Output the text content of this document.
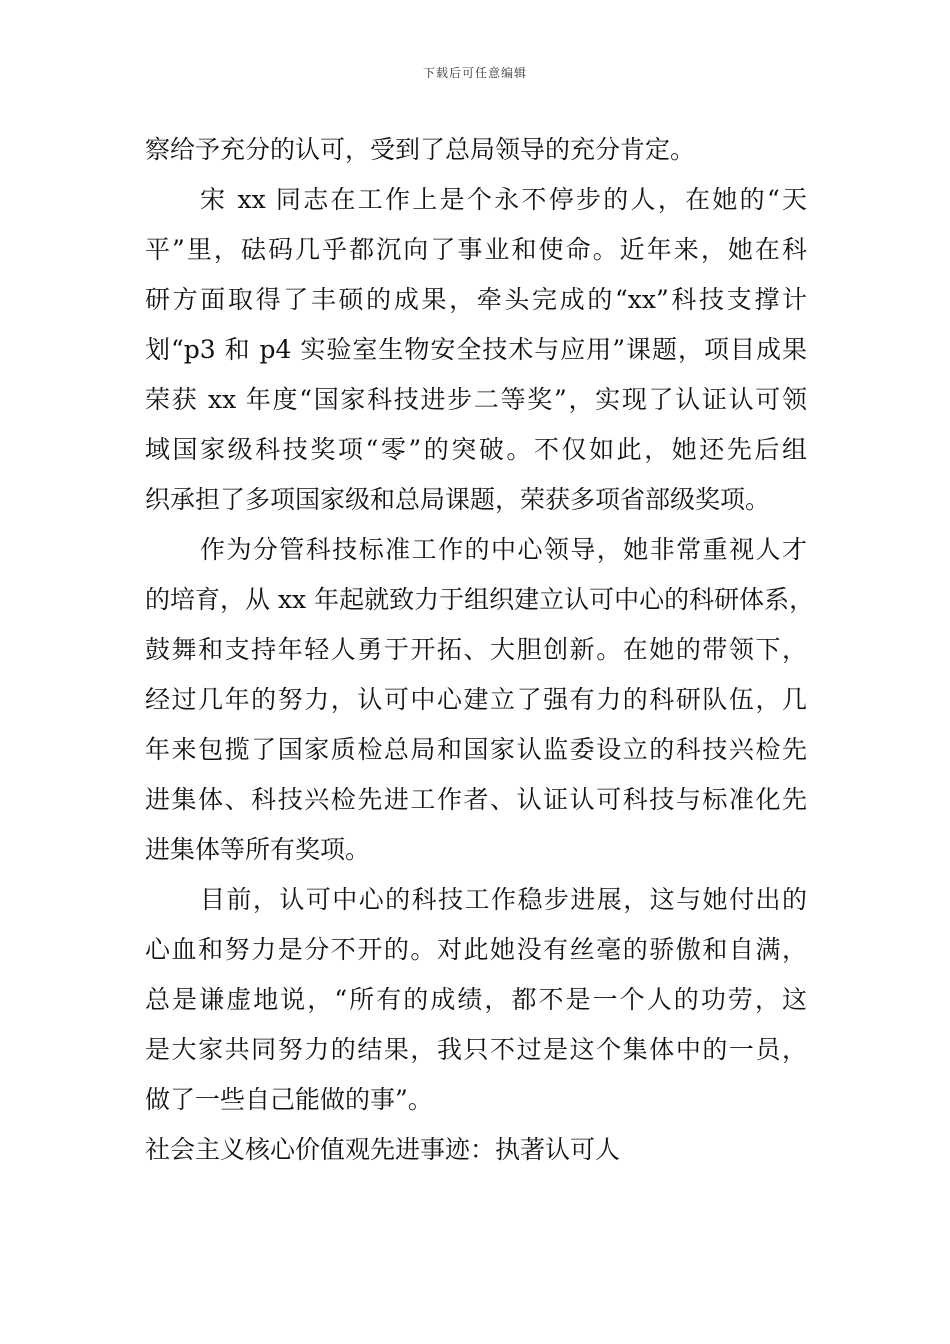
下载后可任意编辑
察给予充分的认可，受到了总局领导的充分肯定。
宋 xx 同志在工作上是个永不停步的人，在她的“天
平”里，砝码几乎都沉向了事业和使命。近年来，她在科
研方面取得了丰硕的成果，牵头完成的“xx”科技支撑计
划“p3 和 p4 实验室生物安全技术与应用”课题，项目成果
荣获 xx 年度“国家科技进步二等奖”，实现了认证认可领
域国家级科技奖项“零”的突破。不仅如此，她还先后组
织承担了多项国家级和总局课题，荣获多项省部级奖项。
作为分管科技标准工作的中心领导，她非常重视人才
的培育，从 xx 年起就致力于组织建立认可中心的科研体系，
鼓舞和支持年轻人勇于开拓、大胆创新。在她的带领下，
经过几年的努力，认可中心建立了强有力的科研队伍，几
年来包揽了国家质检总局和国家认监委设立的科技兴检先
进集体、科技兴检先进工作者、认证认可科技与标准化先
进集体等所有奖项。
目前，认可中心的科技工作稳步进展，这与她付出的
心血和努力是分不开的。对此她没有丝毫的骄傲和自满，
总是谦虚地说，“所有的成绩，都不是一个人的功劳，这
是大家共同努力的结果，我只不过是这个集体中的一员，
做了一些自己能做的事”。
社会主义核心价值观先进事迹：执著认可人
